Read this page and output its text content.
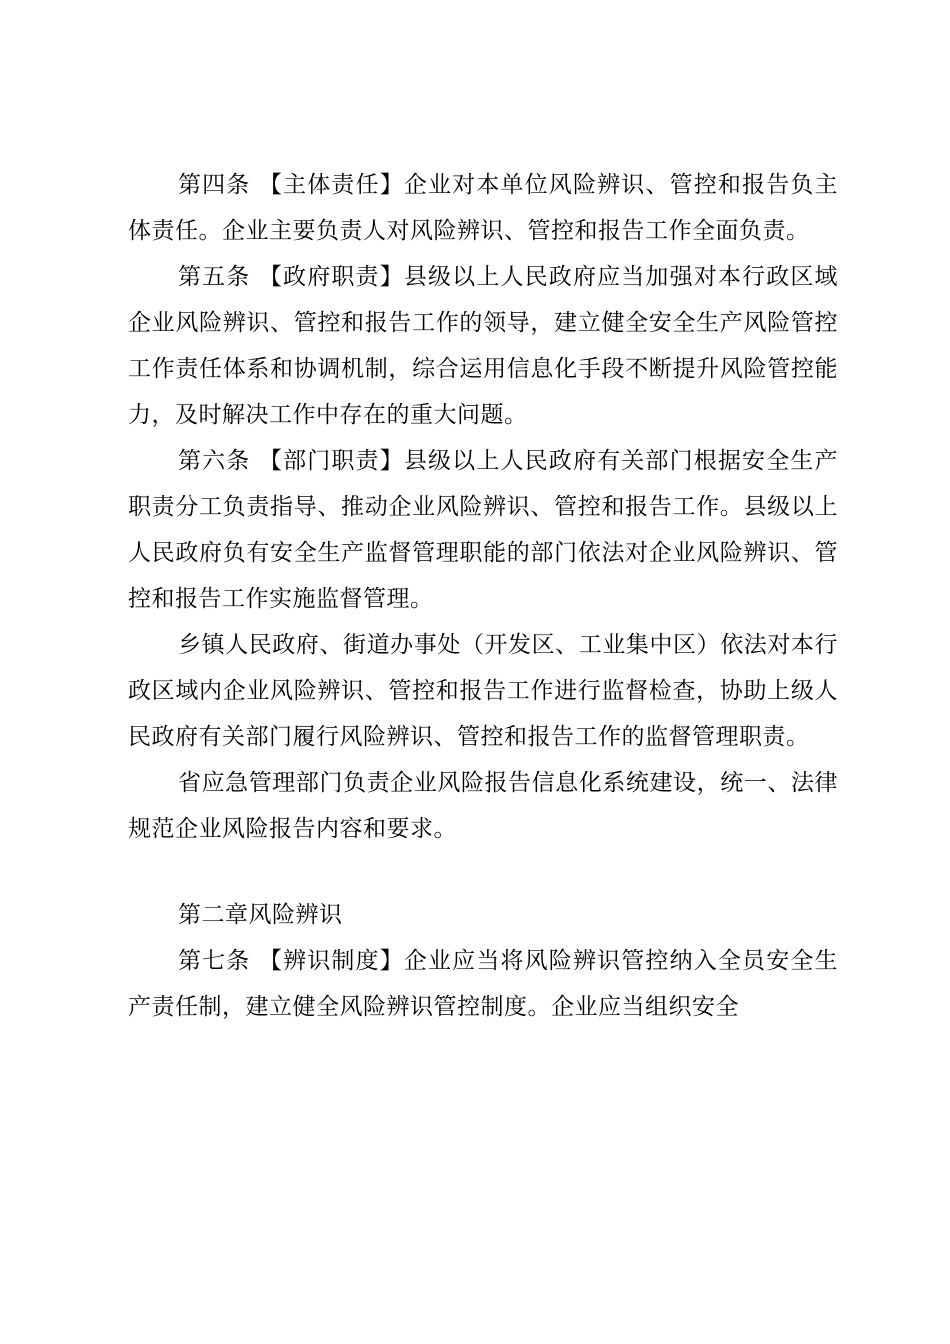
第四条 【主体责任】企业对本单位风险辨识、管控和报告负主体责任。企业主要负责人对风险辨识、管控和报告工作全面负责。

第五条 【政府职责】县级以上人民政府应当加强对本行政区域企业风险辨识、管控和报告工作的领导，建立健全安全生产风险管控工作责任体系和协调机制，综合运用信息化手段不断提升风险管控能力，及时解决工作中存在的重大问题。

第六条 【部门职责】县级以上人民政府有关部门根据安全生产职责分工负责指导、推动企业风险辨识、管控和报告工作。县级以上人民政府负有安全生产监督管理职能的部门依法对企业风险辨识、管控和报告工作实施监督管理。

乡镇人民政府、街道办事处（开发区、工业集中区）依法对本行政区域内企业风险辨识、管控和报告工作进行监督检查，协助上级人民政府有关部门履行风险辨识、管控和报告工作的监督管理职责。

省应急管理部门负责企业风险报告信息化系统建设，统一、法律规范企业风险报告内容和要求。

第二章风险辨识

第七条 【辨识制度】企业应当将风险辨识管控纳入全员安全生产责任制，建立健全风险辨识管控制度。企业应当组织安全
